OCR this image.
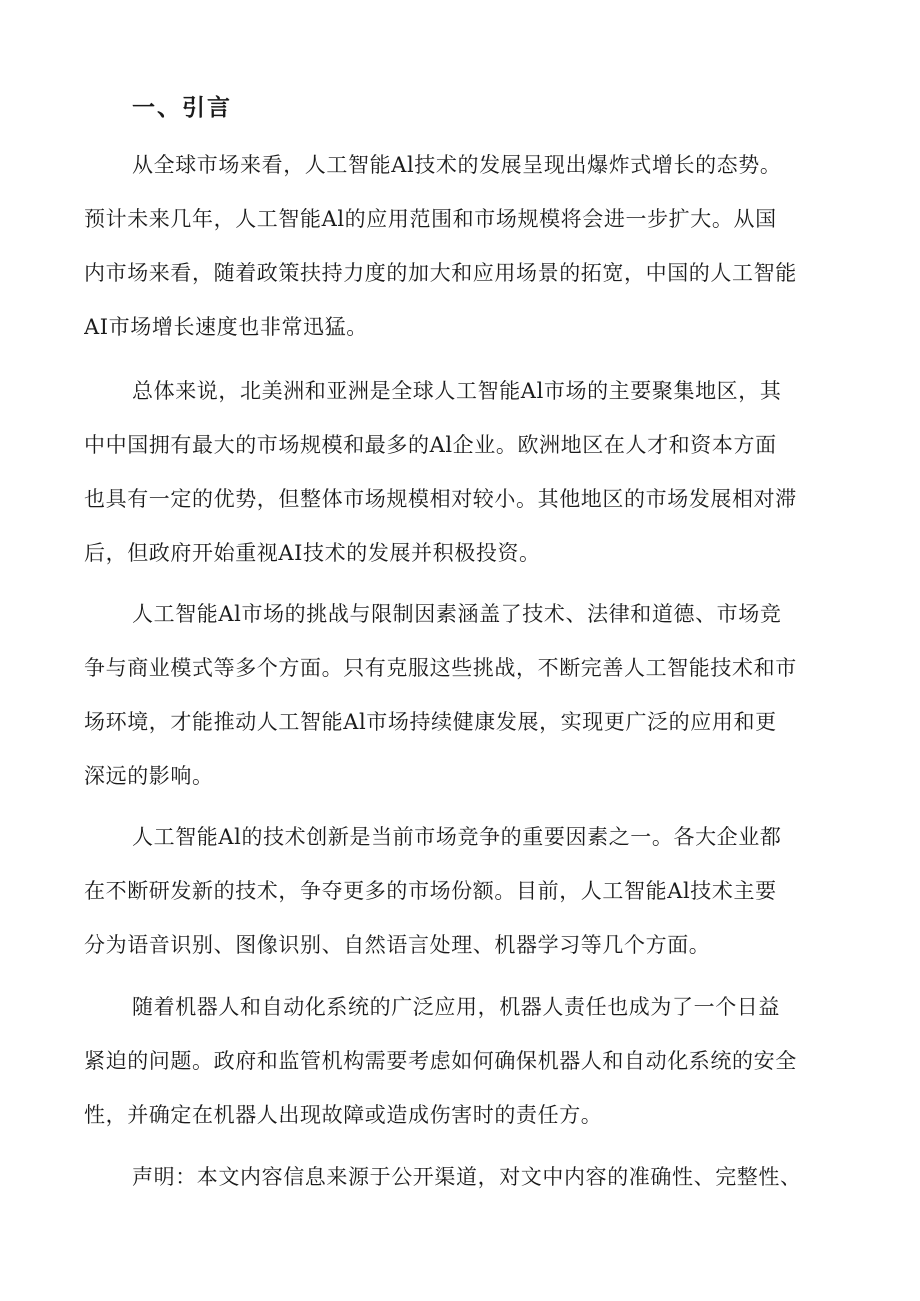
一、引言
从全球市场来看，人工智能Al技术的发展呈现出爆炸式增长的态势。
预计未来几年，人工智能Al的应用范围和市场规模将会进一步扩大。从国
内市场来看，随着政策扶持力度的加大和应用场景的拓宽，中国的人工智能
AI市场增长速度也非常迅猛。
总体来说，北美洲和亚洲是全球人工智能Al市场的主要聚集地区，其
中中国拥有最大的市场规模和最多的Al企业。欧洲地区在人才和资本方面
也具有一定的优势，但整体市场规模相对较小。其他地区的市场发展相对滞
后，但政府开始重视AI技术的发展并积极投资。
人工智能Al市场的挑战与限制因素涵盖了技术、法律和道德、市场竞
争与商业模式等多个方面。只有克服这些挑战，不断完善人工智能技术和市
场环境，才能推动人工智能Al市场持续健康发展，实现更广泛的应用和更
深远的影响。
人工智能Al的技术创新是当前市场竞争的重要因素之一。各大企业都
在不断研发新的技术，争夺更多的市场份额。目前，人工智能Al技术主要
分为语音识别、图像识别、自然语言处理、机器学习等几个方面。
随着机器人和自动化系统的广泛应用，机器人责任也成为了一个日益
紧迫的问题。政府和监管机构需要考虑如何确保机器人和自动化系统的安全
性，并确定在机器人出现故障或造成伤害时的责任方。
声明：本文内容信息来源于公开渠道，对文中内容的准确性、完整性、
